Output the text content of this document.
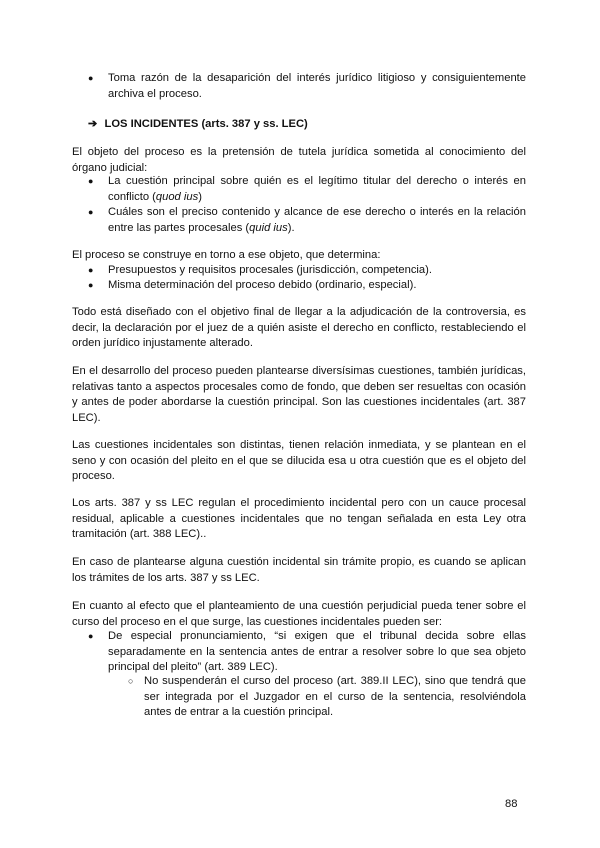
● Toma razón de la desaparición del interés jurídico litigioso y consiguientemente archiva el proceso.

➔ LOS INCIDENTES (arts. 387 y ss. LEC)

El objeto del proceso es la pretensión de tutela jurídica sometida al conocimiento del órgano judicial:

● La cuestión principal sobre quién es el legítimo titular del derecho o interés en conflicto (quod ius)

● Cuáles son el preciso contenido y alcance de ese derecho o interés en la relación entre las partes procesales (quid ius).

El proceso se construye en torno a ese objeto, que determina:

● Presupuestos y requisitos procesales (jurisdicción, competencia).

● Misma determinación del proceso debido (ordinario, especial).

Todo está diseñado con el objetivo final de llegar a la adjudicación de la controversia, es decir, la declaración por el juez de a quién asiste el derecho en conflicto, restableciendo el orden jurídico injustamente alterado.

En el desarrollo del proceso pueden plantearse diversísimas cuestiones, también jurídicas, relativas tanto a aspectos procesales como de fondo, que deben ser resueltas con ocasión y antes de poder abordarse la cuestión principal. Son las cuestiones incidentales (art. 387 LEC).

Las cuestiones incidentales son distintas, tienen relación inmediata, y se plantean en el seno y con ocasión del pleito en el que se dilucida esa u otra cuestión que es el objeto del proceso.

Los arts. 387 y ss LEC regulan el procedimiento incidental pero con un cauce procesal residual, aplicable a cuestiones incidentales que no tengan señalada en esta Ley otra tramitación (art. 388 LEC)..

En caso de plantearse alguna cuestión incidental sin trámite propio, es cuando se aplican los trámites de los arts. 387 y ss LEC.

En cuanto al efecto que el planteamiento de una cuestión perjudicial pueda tener sobre el curso del proceso en el que surge, las cuestiones incidentales pueden ser:

● De especial pronunciamiento, “si exigen que el tribunal decida sobre ellas separadamente en la sentencia antes de entrar a resolver sobre lo que sea objeto principal del pleito” (art. 389 LEC).

○ No suspenderán el curso del proceso (art. 389.II LEC), sino que tendrá que ser integrada por el Juzgador en el curso de la sentencia, resolviéndola antes de entrar a la cuestión principal.

88
